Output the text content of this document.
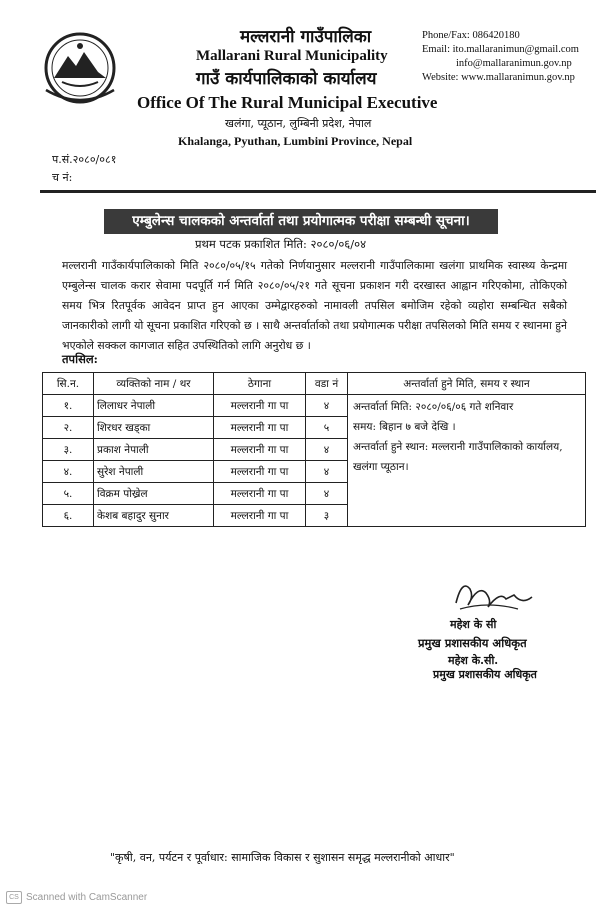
मल्लरानी गाउँपालिका
Mallarani Rural Municipality
गाउँ कार्यपालिकाको कार्यालय
Office Of The Rural Municipal Executive
खलंगा, प्यूठान, लुम्बिनी प्रदेश, नेपाल
Khalanga, Pyuthan, Lumbini Province, Nepal
Phone/Fax: 086420180
Email: ito.mallaranimun@gmail.com
info@mallaranimun.gov.np
Website: www.mallaranimun.gov.np
प.सं.२०८०/०८१
च नं:
एम्बुलेन्स चालकको अन्तर्वार्ता तथा प्रयोगात्मक परीक्षा सम्बन्धी सूचना।
प्रथम पटक प्रकाशित मिति: २०८०/०६/०४
मल्लरानी गाउँकार्यपालिकाको मिति २०८०/०५/१५ गतेको निर्णयानुसार मल्लरानी गाउँपालिकामा खलंगा प्राथमिक स्वास्थ्य केन्द्रमा एम्बुलेन्स चालक करार सेवामा पदपूर्ति गर्न मिति २०८०/०५/२१ गते सूचना प्रकाशन गरी दरखास्त आह्वान गरिएकोमा, तोकिएको समय भित्र रितपूर्वक आवेदन प्राप्त हुन आएका उम्मेद्वारहरुको नामावली तपसिल बमोजिम रहेको व्यहोरा सम्बन्धित सबैको जानकारीको लागी यो सूचना प्रकाशित गरिएको छ । साथै अन्तर्वार्ताको तथा प्रयोगात्मक परीक्षा तपसिलको मिति समय र स्थानमा हुने भएकोले सक्कल कागजात सहित उपस्थितिको लागि अनुरोध छ ।
तपसिल:
सि.न.	व्यक्तिको नाम / थर	ठेगाना	वडा नं	अन्तर्वार्ता हुने मिति, समय र स्थान
१.	लिलाधर नेपाली	मल्लरानी गा पा	४	अन्तर्वार्ता मिति: २०८०/०६/०६ गते शनिवार
समय: बिहान ७ बजे देखि ।
अन्तर्वार्ता हुने स्थान: मल्लरानी गाउँपालिकाको कार्यालय, खलंगा प्यूठान।

२.	शिरधर खड्का	मल्लरानी गा पा	५	
३.	प्रकाश नेपाली	मल्लरानी गा पा	४	
४.	सुरेश नेपाली	मल्लरानी गा पा	४	
५.	विक्रम पोख्रेल	मल्लरानी गा पा	४	
६.	केशब बहादुर सुनार	मल्लरानी गा पा	३	
महेश के सी
प्रमुख प्रशासकीय अधिकृत
महेश के.सी.
प्रमुख प्रशासकीय अधिकृत
"कृषी, वन, पर्यटन र पूर्वाधार: सामाजिक विकास र सुशासन समृद्ध मल्लरानीको आधार"
CS Scanned with CamScanner
